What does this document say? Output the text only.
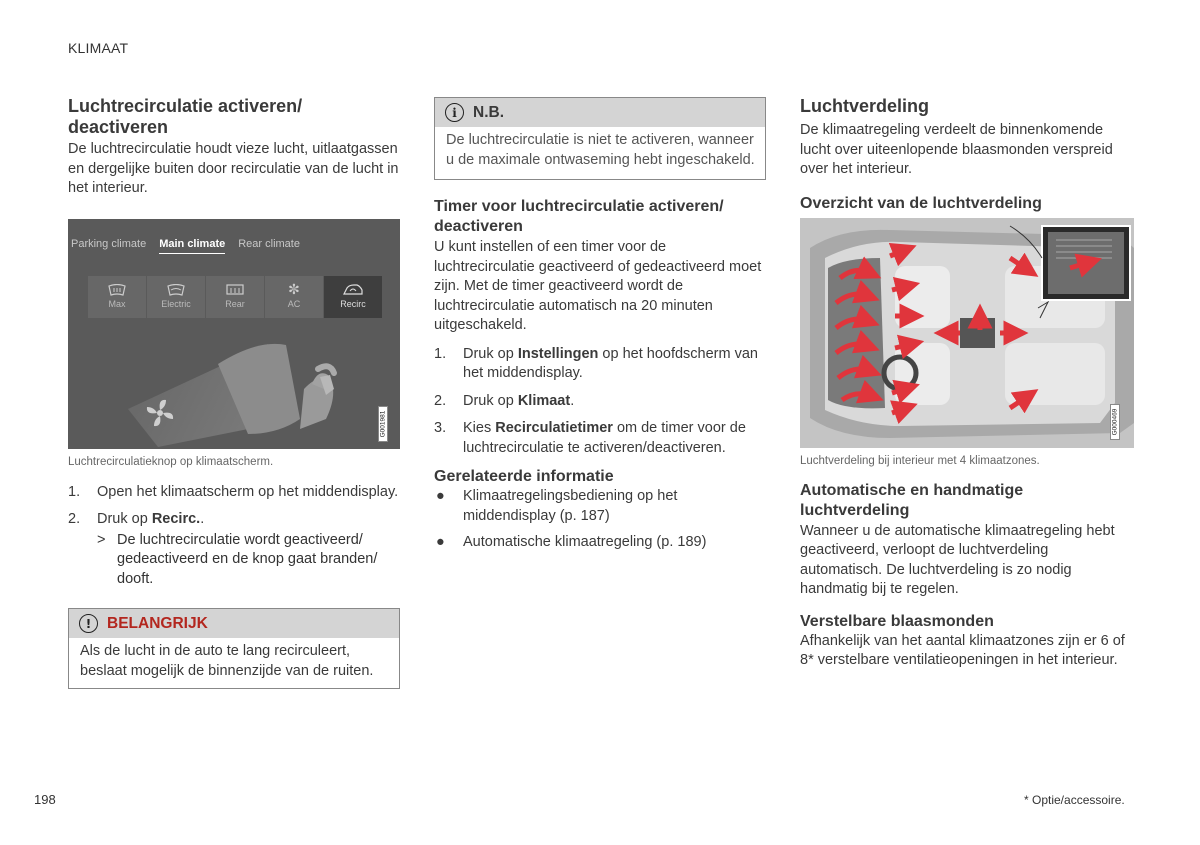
KLIMAAT
Luchtrecirculatie activeren/ deactiveren

De luchtrecirculatie houdt vieze lucht, uitlaatgassen en dergelijke buiten door recirculatie van de lucht in het interieur.

Parking climate Main climate Rear climate
Max	Electric	Rear
✼
AC	Recirc
G001981

Luchtrecirculatieknop op klimaatscherm.

1. Open het klimaatscherm op het middendisplay.
2. Druk op Recirc..
> De luchtrecirculatie wordt geactiveerd/ gedeactiveerd en de knop gaat branden/ dooft.
!	BELANGRIJK
Als de lucht in de auto te lang recirculeert, beslaat mogelijk de binnenzijde van de ruiten.
i	N.B.
De luchtrecirculatie is niet te activeren, wanneer u de maximale ontwaseming hebt ingeschakeld.
Timer voor luchtrecirculatie activeren/ deactiveren

U kunt instellen of een timer voor de luchtrecirculatie geactiveerd of gedeactiveerd moet zijn. Met de timer geactiveerd wordt de luchtrecirculatie automatisch na 20 minuten uitgeschakeld.

1. Druk op Instellingen op het hoofdscherm van het middendisplay.
2. Druk op Klimaat.
3. Kies Recirculatietimer om de timer voor de luchtrecirculatie te activeren/deactiveren.
Gerelateerde informatie
● Klimaatregelingsbediening op het middendisplay (p. 187)
● Automatische klimaatregeling (p. 189)
Luchtverdeling

De klimaatregeling verdeelt de binnenkomende lucht over uiteenlopende blaasmonden verspreid over het interieur.

Overzicht van de luchtverdeling
G000469

Luchtverdeling bij interieur met 4 klimaatzones.

Automatische en handmatige luchtverdeling

Wanneer u de automatische klimaatregeling hebt geactiveerd, verloopt de luchtverdeling automatisch. De luchtverdeling is zo nodig handmatig bij te regelen.

Verstelbare blaasmonden

Afhankelijk van het aantal klimaatzones zijn er 6 of 8* verstelbare ventilatieopeningen in het interieur.

198	* Optie/accessoire.
